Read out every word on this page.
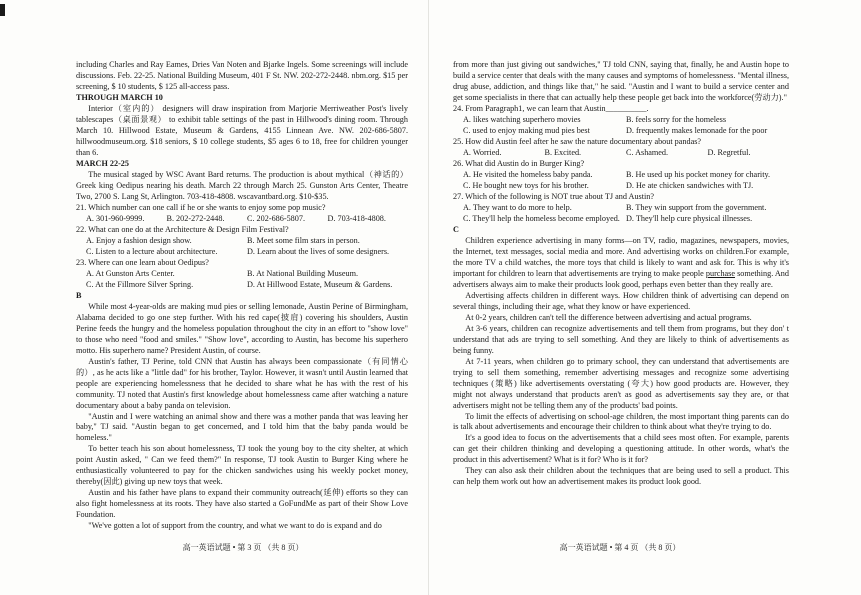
including Charles and Ray Eames, Dries Van Noten and Bjarke Ingels. Some screenings will include discussions. Feb. 22-25. National Building Museum, 401 F St. NW. 202-272-2448. nbm.org. $15 per screening, $ 10 students, $ 125 all-access pass.

THROUGH MARCH 10

Interior（室内的） designers will draw inspiration from Marjorie Merriweather Post's lively tablescapes（桌面景观） to exhibit table settings of the past in Hillwood's dining room. Through March 10. Hillwood Estate, Museum & Gardens, 4155 Linnean Ave. NW. 202-686-5807. hillwoodmuseum.org. $18 seniors, $ 10 college students, $5 ages 6 to 18, free for children younger than 6.

MARCH 22-25

The musical staged by WSC Avant Bard returns. The production is about mythical（神话的） Greek king Oedipus nearing his death. March 22 through March 25. Gunston Arts Center, Theatre Two, 2700 S. Lang St, Arlington. 703-418-4808. wscavantbard.org. $10-$35.

21. Which number can one call if he or she wants to enjoy some pop music?

A. 301-960-9999.	B. 202-272-2448.	C. 202-686-5807.	D. 703-418-4808.

22. What can one do at the Architecture & Design Film Festival?

A. Enjoy a fashion design show.	B. Meet some film stars in person.
C. Listen to a lecture about architecture.	D. Learn about the lives of some designers.

23. Where can one learn about Oedipus?

A. At Gunston Arts Center.	B. At National Building Museum.
C. At the Fillmore Silver Spring.	D. At Hillwood Estate, Museum & Gardens.

B

While most 4-year-olds are making mud pies or selling lemonade, Austin Perine of Birmingham, Alabama decided to go one step further. With his red cape(披肩) covering his shoulders, Austin Perine feeds the hungry and the homeless population throughout the city in an effort to "show love" to those who need "food and smiles." "Show love", according to Austin, has become his superhero motto. His superhero name? President Austin, of course.

Austin's father, TJ Perine, told CNN that Austin has always been compassionate（有同情心的）, as he acts like a "little dad" for his brother, Taylor. However, it wasn't until Austin learned that people are experiencing homelessness that he decided to share what he has with the rest of his community. TJ noted that Austin's first knowledge about homelessness came after watching a nature documentary about a baby panda on television.

"Austin and I were watching an animal show and there was a mother panda that was leaving her baby," TJ said. "Austin began to get concerned, and I told him that the baby panda would be homeless."

To better teach his son about homelessness, TJ took the young boy to the city shelter, at which point Austin asked, " Can we feed them?" In response, TJ took Austin to Burger King where he enthusiastically volunteered to pay for the chicken sandwiches using his weekly pocket money, thereby(因此) giving up new toys that week.

Austin and his father have plans to expand their community outreach(延伸) efforts so they can also fight homelessness at its roots. They have also started a GoFundMe as part of their Show Love Foundation.

"We've gotten a lot of support from the country, and what we want to do is expand and do

from more than just giving out sandwiches," TJ told CNN, saying that, finally, he and Austin hope to build a service center that deals with the many causes and symptoms of homelessness. "Mental illness, drug abuse, addiction, and things like that," he said. "Austin and I want to build a service center and get some specialists in there that can actually help these people get back into the workforce(劳动力)."

24. From Paragraph1, we can learn that Austin__________.

A. likes watching superhero movies	B. feels sorry for the homeless
C. used to enjoy making mud pies best	D. frequently makes lemonade for the poor

25. How did Austin feel after he saw the nature documentary about pandas?

A. Worried.	B. Excited.	C. Ashamed.	D. Regretful.

26. What did Austin do in Burger King?

A. He visited the homeless baby panda.	B. He used up his pocket money for charity.
C. He bought new toys for his brother.	D. He ate chicken sandwiches with TJ.

27. Which of the following is NOT true about TJ and Austin?

A. They want to do more to help.	B. They win support from the government.
C. They'll help the homeless become employed. D. They'll help cure physical illnesses.

C

Children experience advertising in many forms—on TV, radio, magazines, newspapers, movies, the Internet, text messages, social media and more. And advertising works on children.For example, the more TV a child watches, the more toys that child is likely to want and ask for. This is why it's important for children to learn that advertisements are trying to make people purchase something. And advertisers always aim to make their products look good, perhaps even better than they really are.

Advertising affects children in different ways. How children think of advertising can depend on several things, including their age, what they know or have experienced.

At 0-2 years, children can't tell the difference between advertising and actual programs.

At 3-6 years, children can recognize advertisements and tell them from programs, but they don' t understand that ads are trying to sell something. And they are likely to think of advertisements as being funny.

At 7-11 years, when children go to primary school, they can understand that advertisements are trying to sell them something, remember advertising messages and recognize some advertising techniques (策略) like advertisements overstating (夸大) how good products are. However, they might not always understand that products aren't as good as advertisements say they are, or that advertisers might not be telling them any of the products' bad points.

To limit the effects of advertising on school-age children, the most important thing parents can do is talk about advertisements and encourage their children to think about what they're trying to do.

It's a good idea to focus on the advertisements that a child sees most often. For example, parents can get their children thinking and developing a questioning attitude. In other words, what's the product in this advertisement? What is it for? Who is it for?

They can also ask their children about the techniques that are being used to sell a product. This can help them work out how an advertisement makes its product look good.

高一英语试题 • 第 3 页 （共 8 页）	高一英语试题 • 第 4 页 （共 8 页）
